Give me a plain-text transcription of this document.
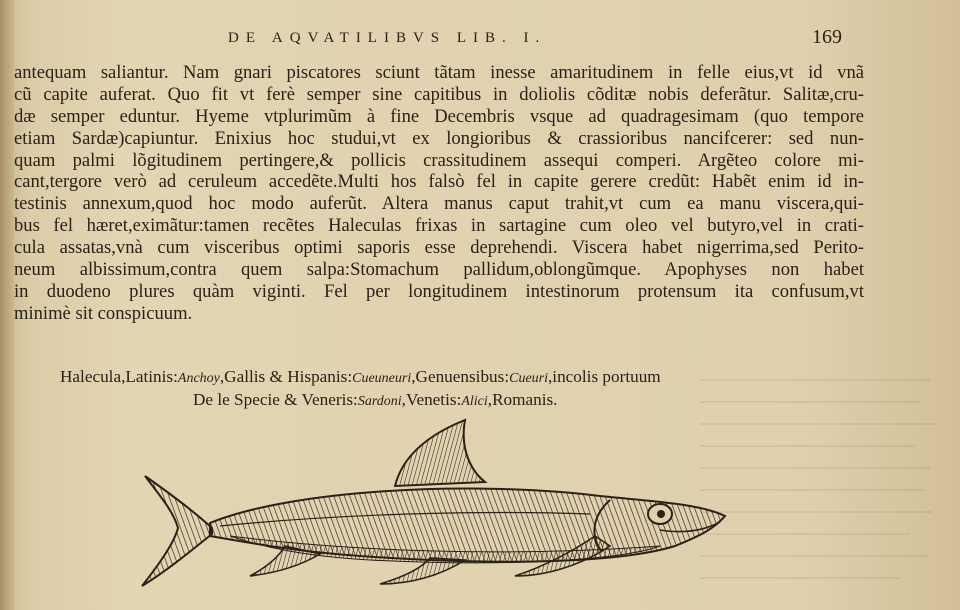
DE AQVATILIBVS LIB. I.	169
antequam saliantur. Nam gnari piscatores sciunt tãtam inesse amaritudinem in felle eius,vt id vnã
cũ capite auferat. Quo fit vt ferè semper sine capitibus in doliolis cõditæ nobis deferãtur. Salitæ,cru-
dæ semper eduntur. Hyeme vtplurimũm à fine Decembris vsque ad quadragesimam (quo tempore
etiam Sardæ)capiuntur. Enixius hoc studui,vt ex longioribus & crassioribus nancifcerer: sed nun-
quam palmi lõgitudinem pertingere,& pollicis crassitudinem assequi comperi. Argẽteo colore mi-
cant,tergore verò ad ceruleum accedẽte.Multi hos falsò fel in capite gerere credũt: Habẽt enim id in-
testinis annexum,quod hoc modo auferũt. Altera manus caput trahit,vt cum ea manu viscera,qui-
bus fel hæret,eximãtur:tamen recẽtes Haleculas frixas in sartagine cum oleo vel butyro,vel in crati-
cula assatas,vnà cum visceribus optimi saporis esse deprehendi. Viscera habet nigerrima,sed Perito-
neum albissimum,contra quem salpa:Stomachum pallidum,oblongũmque. Apophyses non habet
in duodeno plures quàm viginti. Fel per longitudinem intestinorum protensum ita confusum,vt
minimè sit conspicuum.
Halecula,Latinis:Anchoy,Gallis & Hispanis:Cueuneuri,Genuensibus:Cueuri,incolis portuum
De le Specie & Veneris:Sardoni,Venetis:Alici,Romanis.
